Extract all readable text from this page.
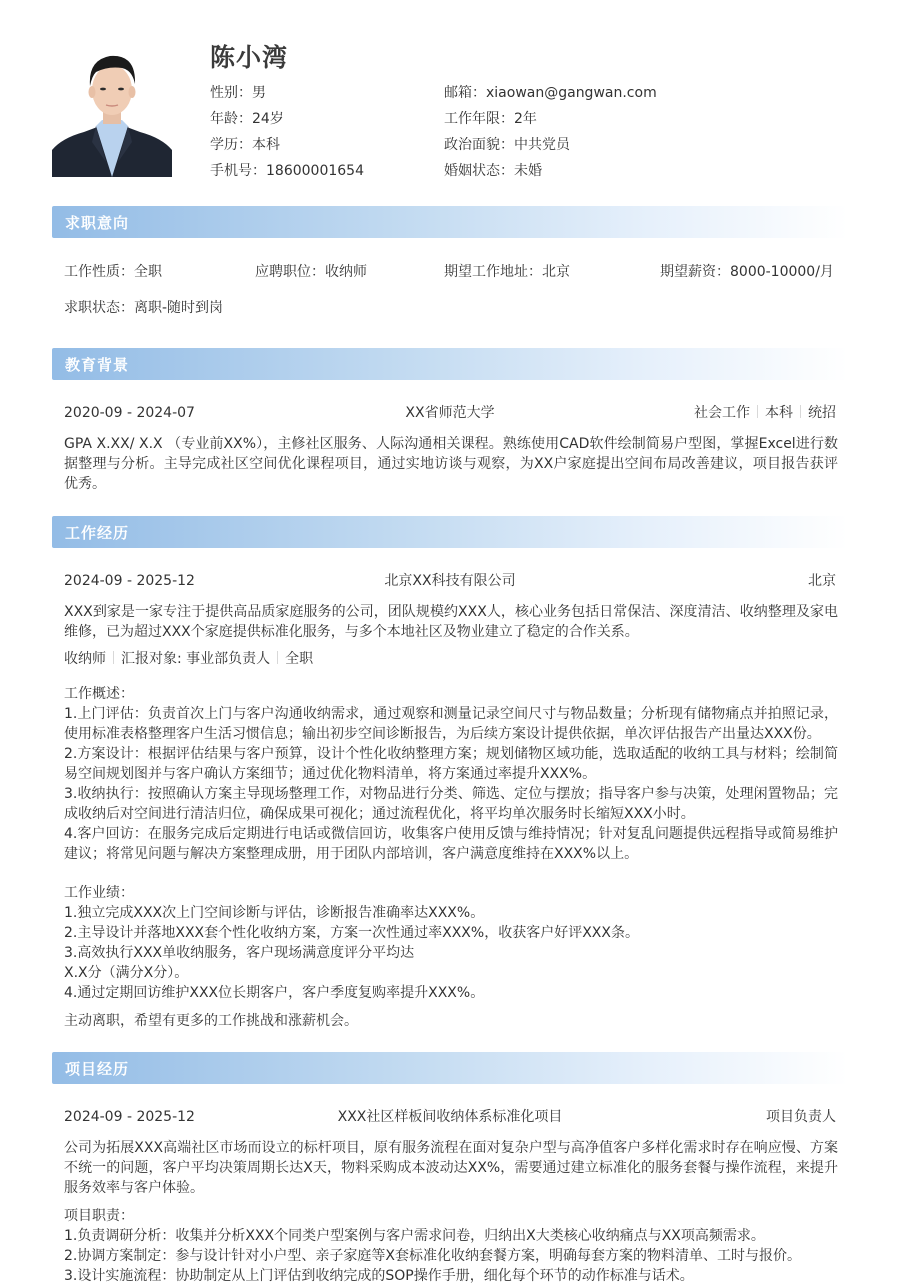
陈小湾
性别：男
年龄：24岁
学历：本科
手机号：18600001654
邮箱：xiaowan@gangwan.com
工作年限：2年
政治面貌：中共党员
婚姻状态：未婚
求职意向
工作性质：全职	应聘职位：收纳师	期望工作地址：北京	期望薪资：8000-10000/月
求职状态：离职-随时到岗
教育背景
2020-09 - 2024-07	XX省师范大学	社会工作 本科 统招
GPA X.XX/ X.X （专业前XX%），主修社区服务、人际沟通相关课程。熟练使用CAD软件绘制简易户型图，掌握Excel进行数据整理与分析。主导完成社区空间优化课程项目，通过实地访谈与观察，为XX户家庭提出空间布局改善建议，项目报告获评优秀。
工作经历
2024-09 - 2025-12	北京XX科技有限公司	北京
XXX到家是一家专注于提供高品质家庭服务的公司，团队规模约XXX人，核心业务包括日常保洁、深度清洁、收纳整理及家电维修，已为超过XXX个家庭提供标准化服务，与多个本地社区及物业建立了稳定的合作关系。
收纳师 汇报对象: 事业部负责人 全职
工作概述：
1.上门评估：负责首次上门与客户沟通收纳需求，通过观察和测量记录空间尺寸与物品数量；分析现有储物痛点并拍照记录，使用标准表格整理客户生活习惯信息；输出初步空间诊断报告，为后续方案设计提供依据，单次评估报告产出量达XXX份。
2.方案设计：根据评估结果与客户预算，设计个性化收纳整理方案；规划储物区域功能，选取适配的收纳工具与材料；绘制简易空间规划图并与客户确认方案细节；通过优化物料清单，将方案通过率提升XXX%。
3.收纳执行：按照确认方案主导现场整理工作，对物品进行分类、筛选、定位与摆放；指导客户参与决策，处理闲置物品；完成收纳后对空间进行清洁归位，确保成果可视化；通过流程优化，将平均单次服务时长缩短XXX小时。
4.客户回访：在服务完成后定期进行电话或微信回访，收集客户使用反馈与维持情况；针对复乱问题提供远程指导或简易维护建议；将常见问题与解决方案整理成册，用于团队内部培训，客户满意度维持在XXX%以上。
工作业绩：
1.独立完成XXX次上门空间诊断与评估，诊断报告准确率达XXX%。
2.主导设计并落地XXX套个性化收纳方案，方案一次性通过率XXX%，收获客户好评XXX条。
3.高效执行XXX单收纳服务，客户现场满意度评分平均达
X.X分（满分X分）。
4.通过定期回访维护XXX位长期客户，客户季度复购率提升XXX%。
主动离职，希望有更多的工作挑战和涨薪机会。
项目经历
2024-09 - 2025-12	XXX社区样板间收纳体系标准化项目	项目负责人
公司为拓展XXX高端社区市场而设立的标杆项目，原有服务流程在面对复杂户型与高净值客户多样化需求时存在响应慢、方案不统一的问题，客户平均决策周期长达X天，物料采购成本波动达XX%，需要通过建立标准化的服务套餐与操作流程，来提升服务效率与客户体验。
项目职责：
1.负责调研分析：收集并分析XXX个同类户型案例与客户需求问卷，归纳出X大类核心收纳痛点与XX项高频需求。
2.协调方案制定：参与设计针对小户型、亲子家庭等X套标准化收纳套餐方案，明确每套方案的物料清单、工时与报价。
3.设计实施流程：协助制定从上门评估到收纳完成的SOP操作手册，细化每个环节的动作标准与话术。
